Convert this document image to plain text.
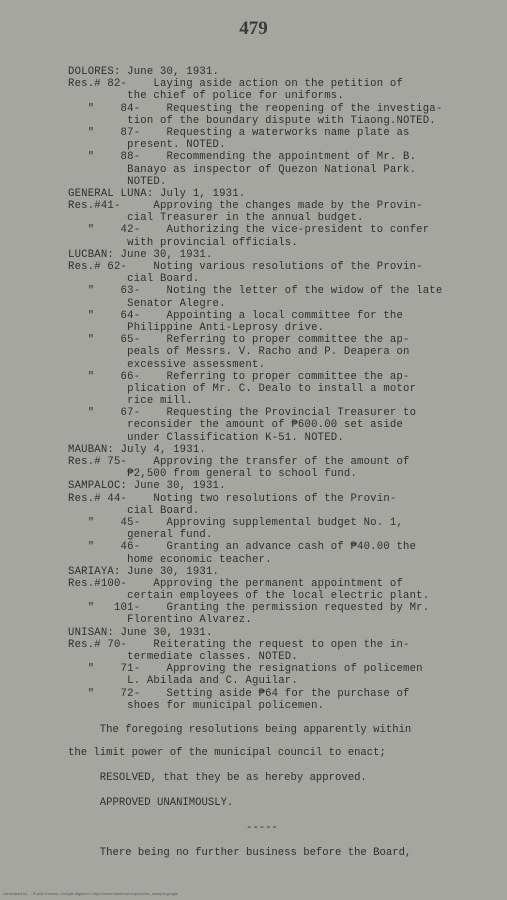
479
DOLORES: June 30, 1931.
Res.# 82-    Laying aside action on the petition of
the chief of police for uniforms.
"    84-    Requesting the reopening of the investiga-
tion of the boundary dispute with Tiaong.NOTED.
"    87-    Requesting a waterworks name plate as
present. NOTED.
"    88-    Recommending the appointment of Mr. B.
Banayo as inspector of Quezon National Park.
NOTED.
GENERAL LUNA: July 1, 1931.
Res.#41-     Approving the changes made by the Provin-
cial Treasurer in the annual budget.
"    42-    Authorizing the vice-president to confer
with provincial officials.
LUCBAN: June 30, 1931.
Res.# 62-    Noting various resolutions of the Provin-
cial Board.
"    63-    Noting the letter of the widow of the late
Senator Alegre.
"    64-    Appointing a local committee for the
Philippine Anti-Leprosy drive.
"    65-    Referring to proper committee the ap-
peals of Messrs. V. Racho and P. Deapera on
excessive assessment.
"    66-    Referring to proper committee the ap-
plication of Mr. C. Dealo to install a motor
rice mill.
"    67-    Requesting the Provincial Treasurer to
reconsider the amount of ₱600.00 set aside
under Classification K-51. NOTED.
MAUBAN: July 4, 1931.
Res.# 75-    Approving the transfer of the amount of
₱2,500 from general to school fund.
SAMPALOC: June 30, 1931.
Res.# 44-    Noting two resolutions of the Provin-
cial Board.
"    45-    Approving supplemental budget No. 1,
general fund.
"    46-    Granting an advance cash of ₱40.00 the
home economic teacher.
SARIAYA: June 30, 1931.
Res.#100-    Approving the permanent appointment of
certain employees of the local electric plant.
"   101-    Granting the permission requested by Mr.
Florentino Alvarez.
UNISAN: June 30, 1931.
Res.# 70-    Reiterating the request to open the in-
termediate classes. NOTED.
"    71-    Approving the resignations of policemen
L. Abilada and C. Aguilar.
"    72-    Setting aside ₱64 for the purchase of
shoes for municipal policemen.
The foregoing resolutions being apparently within
the limit power of the municipal council to enact;
RESOLVED, that they be as hereby approved.
APPROVED UNANIMOUSLY.
-----
There being no further business before the Board,
Generated by ... Public Domain, Google-digitized / http://www.hathitrust.org/access_use#pd-google
